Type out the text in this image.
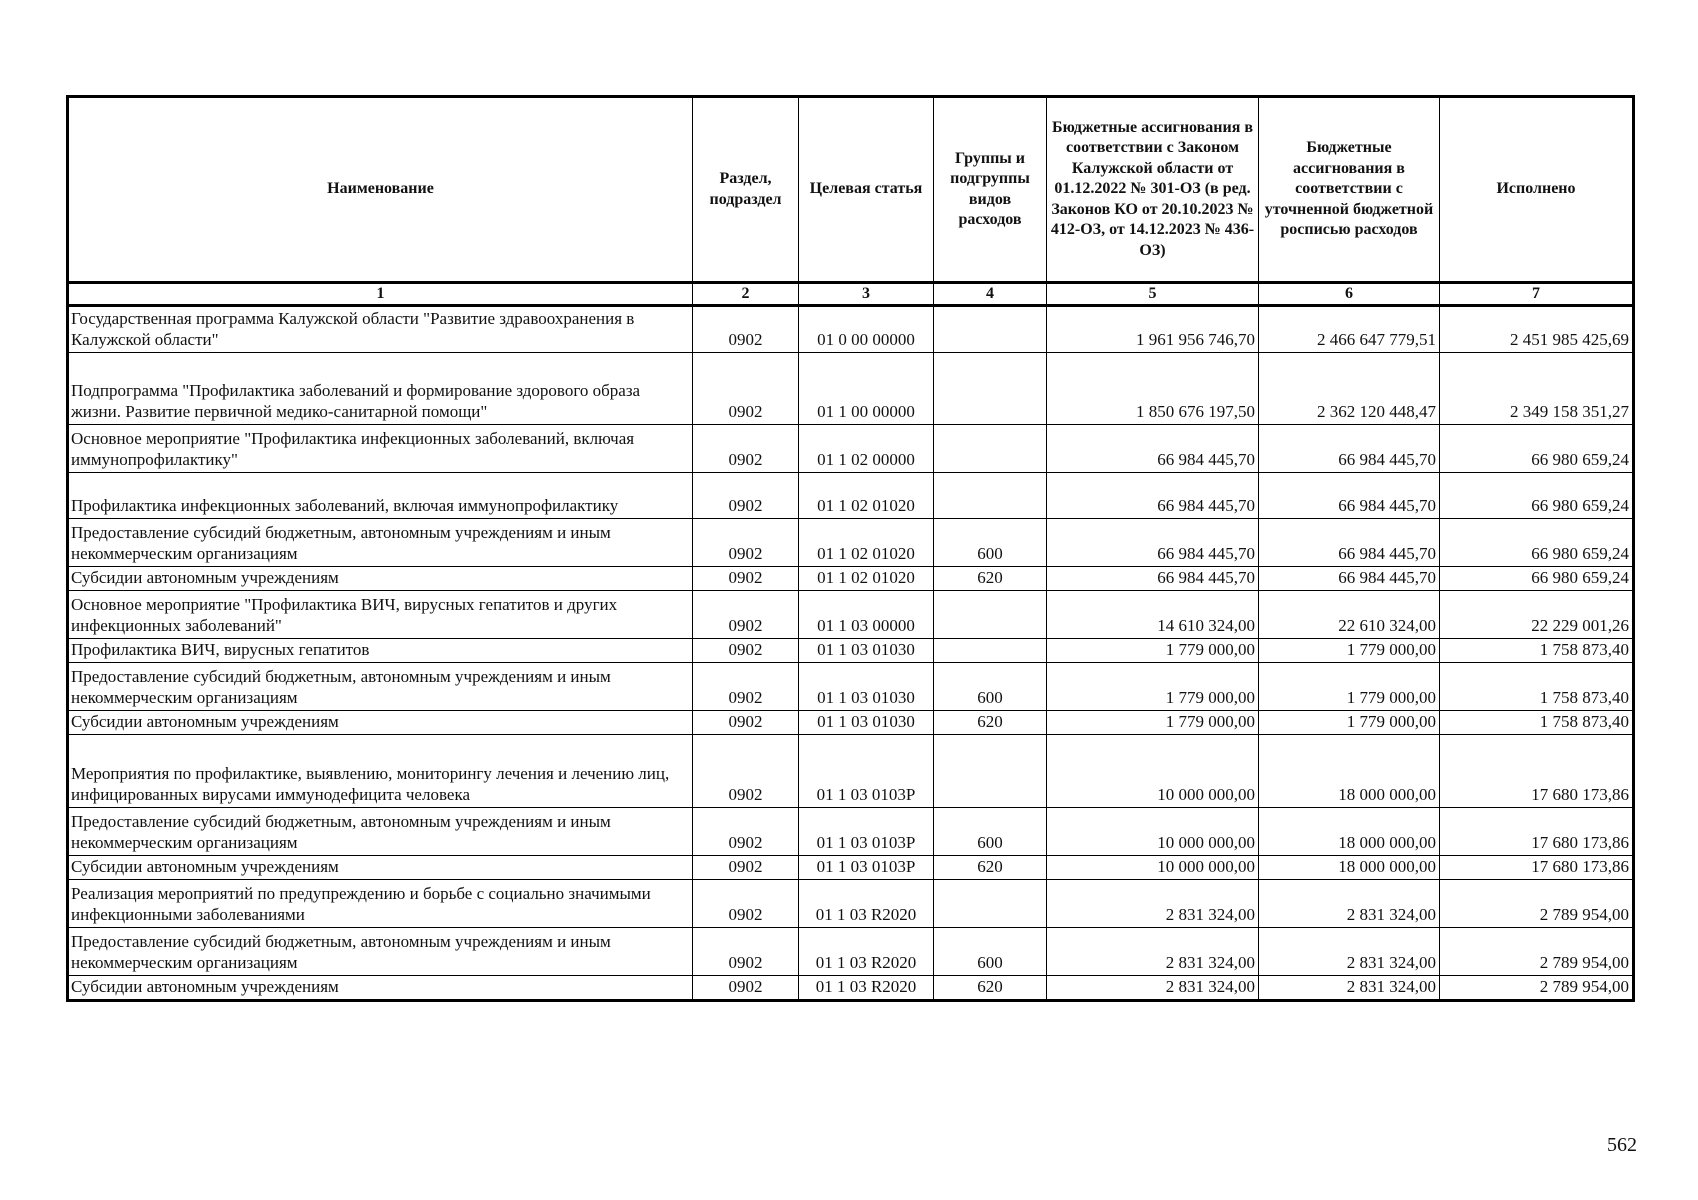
Наименование	Раздел, подраздел	Целевая статья	Группы и подгруппы видов расходов	Бюджетные ассигнования в соответствии с Законом Калужской области от 01.12.2022 № 301-ОЗ (в ред. Законов КО от 20.10.2023 № 412-ОЗ, от 14.12.2023 № 436-ОЗ)	Бюджетные ассигнования в соответствии с уточненной бюджетной росписью расходов	Исполнено
1	2	3	4	5	6	7
Государственная программа Калужской области "Развитие здравоохранения в Калужской области"	0902	01 0 00 00000		1 961 956 746,70	2 466 647 779,51	2 451 985 425,69
Подпрограмма "Профилактика заболеваний и формирование здорового образа жизни. Развитие первичной медико-санитарной помощи"	0902	01 1 00 00000		1 850 676 197,50	2 362 120 448,47	2 349 158 351,27
Основное мероприятие "Профилактика инфекционных заболеваний, включая иммунопрофилактику"	0902	01 1 02 00000		66 984 445,70	66 984 445,70	66 980 659,24
Профилактика инфекционных заболеваний, включая иммунопрофилактику	0902	01 1 02 01020		66 984 445,70	66 984 445,70	66 980 659,24
Предоставление субсидий бюджетным, автономным учреждениям и иным некоммерческим организациям	0902	01 1 02 01020	600	66 984 445,70	66 984 445,70	66 980 659,24
Субсидии автономным учреждениям	0902	01 1 02 01020	620	66 984 445,70	66 984 445,70	66 980 659,24
Основное мероприятие "Профилактика ВИЧ, вирусных гепатитов и других инфекционных заболеваний"	0902	01 1 03 00000		14 610 324,00	22 610 324,00	22 229 001,26
Профилактика ВИЧ, вирусных гепатитов	0902	01 1 03 01030		1 779 000,00	1 779 000,00	1 758 873,40
Предоставление субсидий бюджетным, автономным учреждениям и иным некоммерческим организациям	0902	01 1 03 01030	600	1 779 000,00	1 779 000,00	1 758 873,40
Субсидии автономным учреждениям	0902	01 1 03 01030	620	1 779 000,00	1 779 000,00	1 758 873,40
Мероприятия по профилактике, выявлению, мониторингу лечения и лечению лиц, инфицированных вирусами иммунодефицита человека	0902	01 1 03 0103Р		10 000 000,00	18 000 000,00	17 680 173,86
Предоставление субсидий бюджетным, автономным учреждениям и иным некоммерческим организациям	0902	01 1 03 0103Р	600	10 000 000,00	18 000 000,00	17 680 173,86
Субсидии автономным учреждениям	0902	01 1 03 0103Р	620	10 000 000,00	18 000 000,00	17 680 173,86
Реализация мероприятий по предупреждению и борьбе с социально значимыми инфекционными заболеваниями	0902	01 1 03 R2020		2 831 324,00	2 831 324,00	2 789 954,00
Предоставление субсидий бюджетным, автономным учреждениям и иным некоммерческим организациям	0902	01 1 03 R2020	600	2 831 324,00	2 831 324,00	2 789 954,00
Субсидии автономным учреждениям	0902	01 1 03 R2020	620	2 831 324,00	2 831 324,00	2 789 954,00
562
